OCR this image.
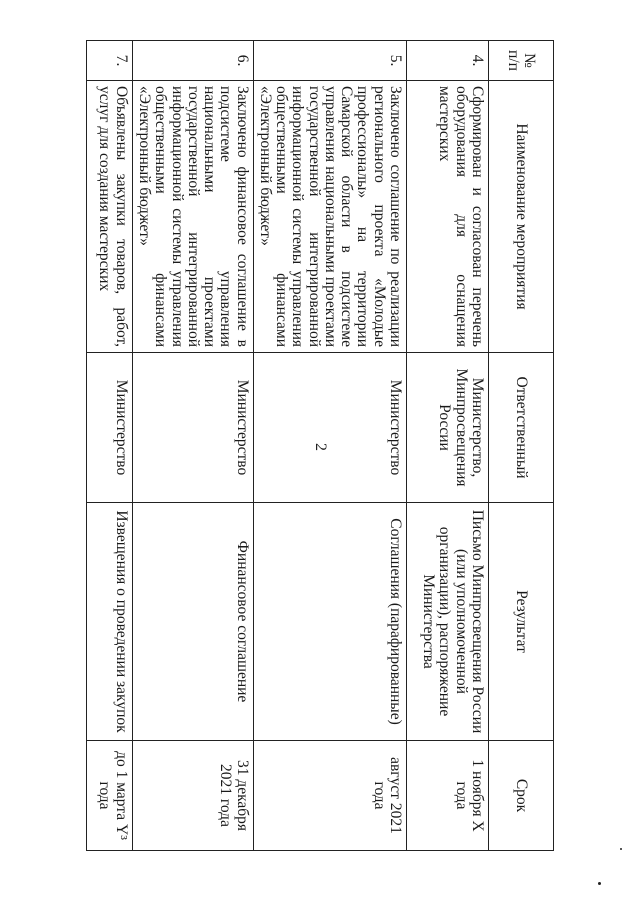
2
№ п/п	Наименование мероприятия	Ответственный	Результат	Срок
4.	Сформирован и согласован перечень оборудования для оснащения мастерских	Министерство, Минпросвещения России	Письмо Минпросвещения России (или уполномоченной организации), распоряжение Министерства	1 ноября Х года
5.	Заключено соглашение по реализации регионального проекта «Молодые профессионалы» на территории Самарской области в подсистеме управления национальными проектами государственной интегрированной информационной системы управления общественными финансами «Электронный бюджет»	Министерство	Соглашения (парафированные)	август 2021 года
6.	Заключено финансовое соглашение в подсистеме управления национальными проектами государственной интегрированной информационной системы управления общественными финансами «Электронный бюджет»	Министерство	Финансовое соглашение	31 декабря 2021 года
7.	Объявлены закупки товаров, работ, услуг для создания мастерских	Министерство	Извещения о проведении закупок	до 1 марта Y³ года
